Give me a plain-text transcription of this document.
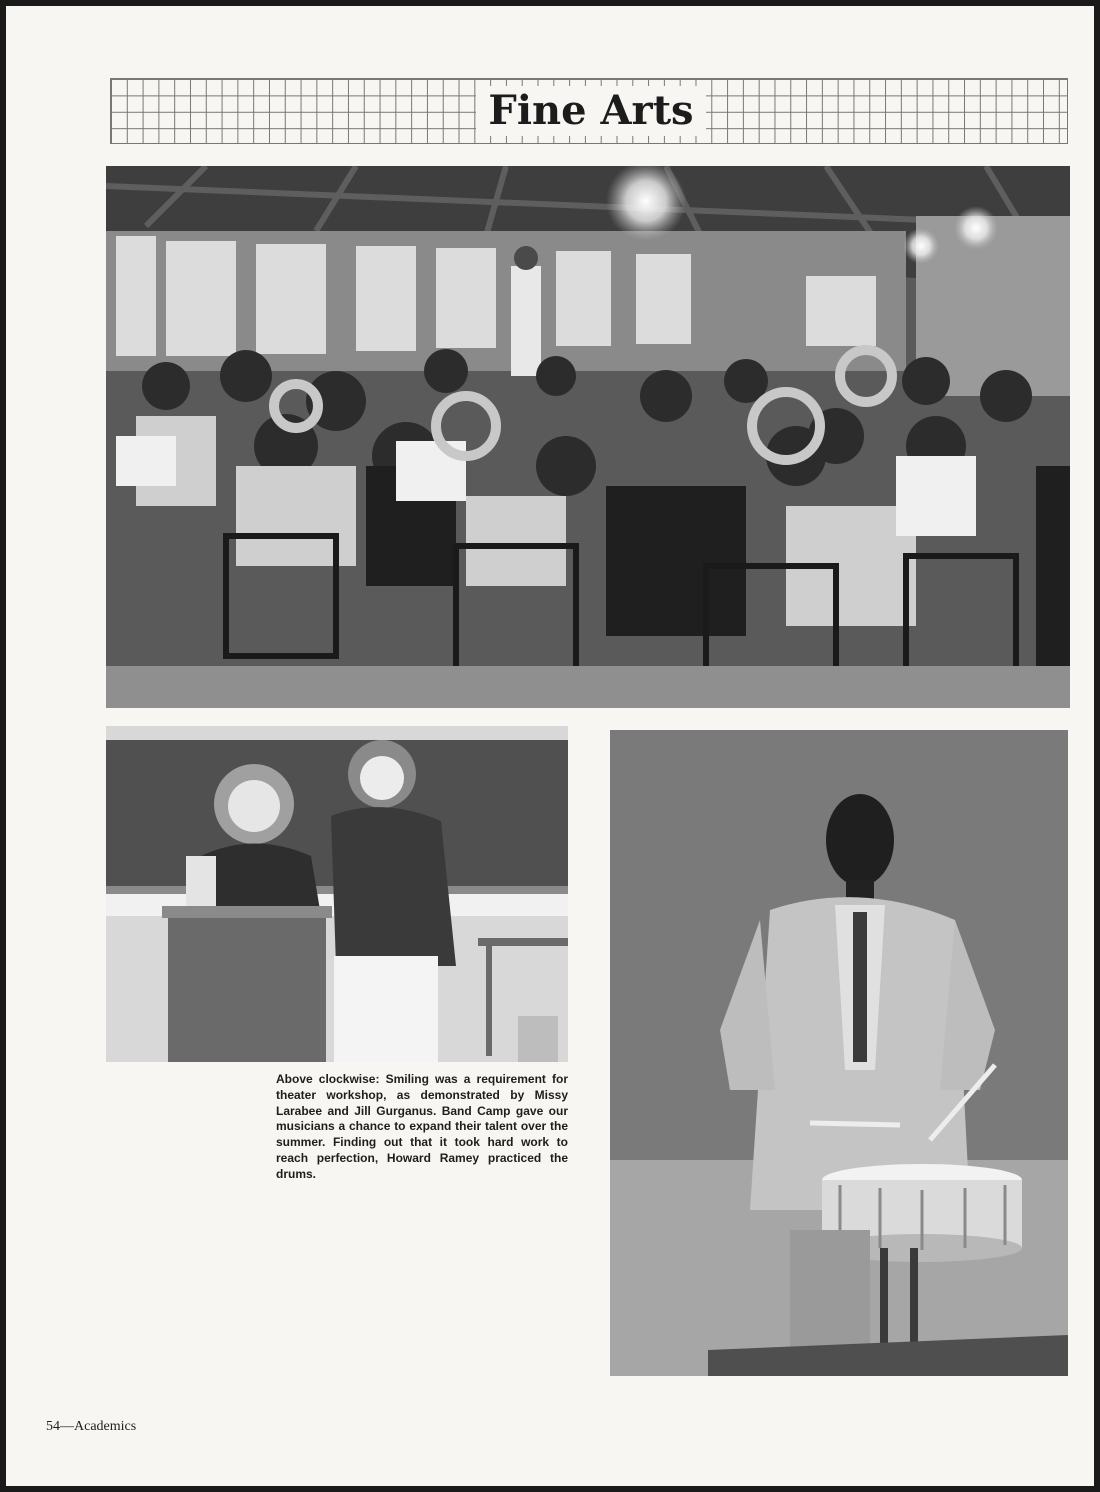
Fine Arts
Above clockwise: Smiling was a requirement for theater workshop, as demonstrated by Missy Larabee and Jill Gurganus. Band Camp gave our musicians a chance to expand their talent over the summer. Finding out that it took hard work to reach perfection, Howard Ramey practiced the drums.
54—Academics
